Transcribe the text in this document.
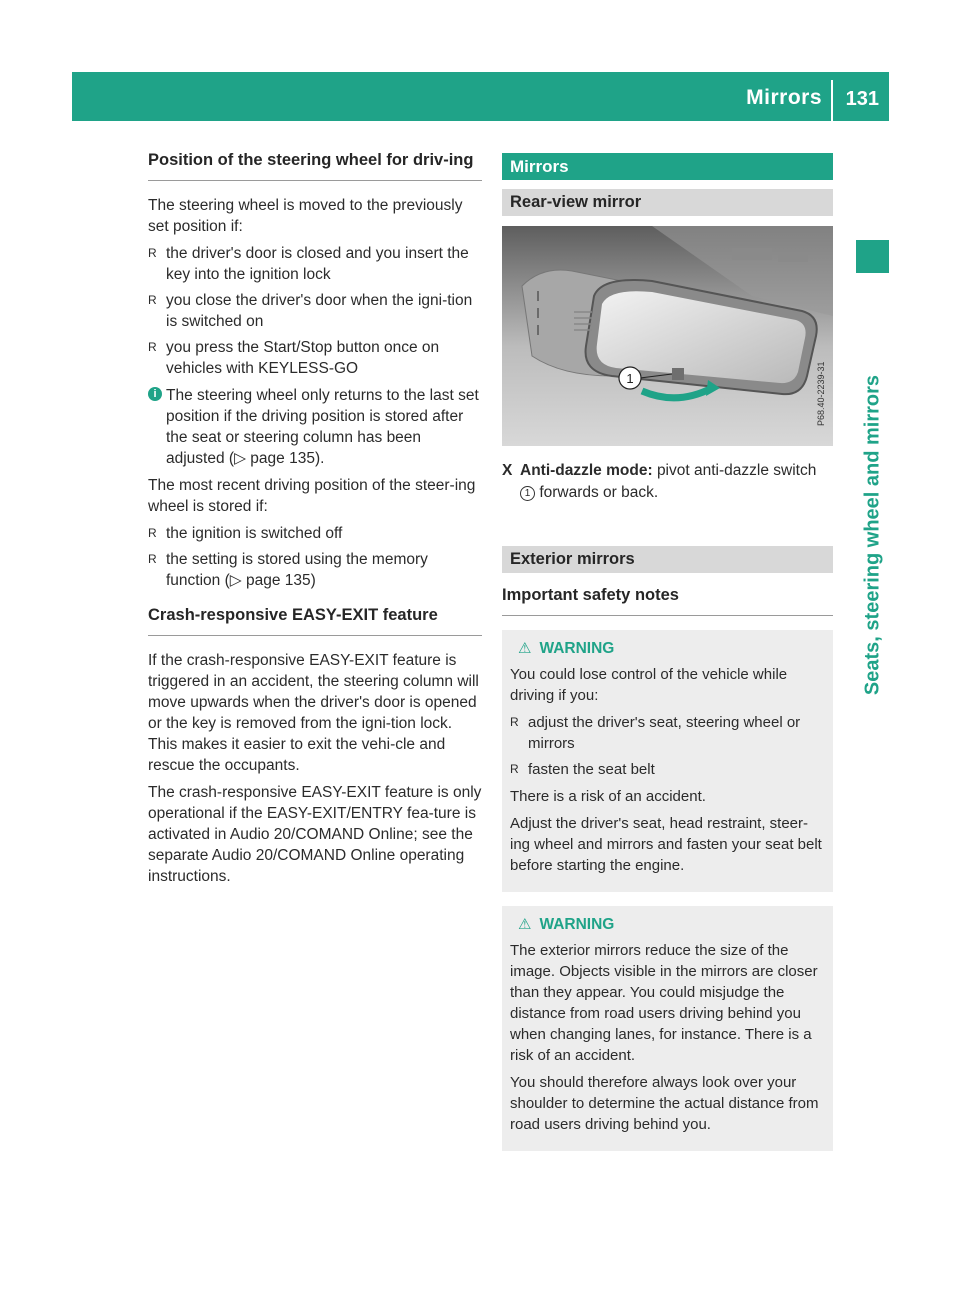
Mirrors 131
Seats, steering wheel and mirrors
Position of the steering wheel for driv-ing

The steering wheel is moved to the previously set position if:

R the driver's door is closed and you insert the key into the ignition lock
R you close the driver's door when the igni-tion is switched on
R you press the Start/Stop button once on vehicles with KEYLESS-GO
i The steering wheel only returns to the last set position if the driving position is stored after the seat or steering column has been adjusted (▷ page 135).

The most recent driving position of the steer-ing wheel is stored if:

R the ignition is switched off
R the setting is stored using the memory function (▷ page 135)
Crash-responsive EASY-EXIT feature

If the crash-responsive EASY-EXIT feature is triggered in an accident, the steering column will move upwards when the driver's door is opened or the key is removed from the igni-tion lock. This makes it easier to exit the vehi-cle and rescue the occupants.

The crash-responsive EASY-EXIT feature is only operational if the EASY-EXIT/ENTRY fea-ture is activated in Audio 20/COMAND Online; see the separate Audio 20/COMAND Online operating instructions.

Mirrors
Rear-view mirror
1	P68.40-2239-31
X Anti-dazzle mode: pivot anti-dazzle switch 1 forwards or back.
Exterior mirrors
Important safety notes
⚠ WARNING

You could lose control of the vehicle while driving if you:

R adjust the driver's seat, steering wheel or mirrors
R fasten the seat belt

There is a risk of an accident.

Adjust the driver's seat, head restraint, steer-ing wheel and mirrors and fasten your seat belt before starting the engine.

⚠ WARNING

The exterior mirrors reduce the size of the image. Objects visible in the mirrors are closer than they appear. You could misjudge the distance from road users driving behind you when changing lanes, for instance. There is a risk of an accident.

You should therefore always look over your shoulder to determine the actual distance from road users driving behind you.
